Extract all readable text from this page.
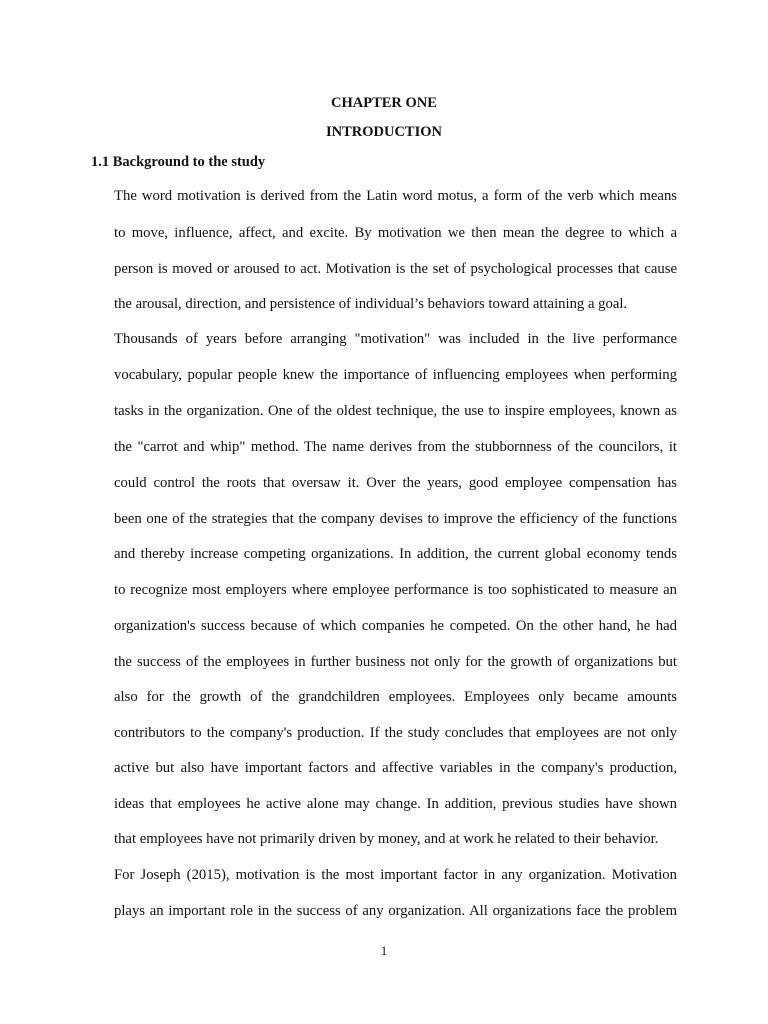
CHAPTER ONE
INTRODUCTION
1.1 Background to the study
The word motivation is derived from the Latin word motus, a form of the verb which means
to move, influence, affect, and excite. By motivation we then mean the degree to which a
person is moved or aroused to act. Motivation is the set of psychological processes that cause
the arousal, direction, and persistence of individual’s behaviors toward attaining a goal.
Thousands of years before arranging "motivation" was included in the live performance
vocabulary, popular people knew the importance of influencing employees when performing
tasks in the organization. One of the oldest technique, the use to inspire employees, known as
the "carrot and whip" method. The name derives from the stubbornness of the councilors, it
could control the roots that oversaw it. Over the years, good employee compensation has
been one of the strategies that the company devises to improve the efficiency of the functions
and thereby increase competing organizations. In addition, the current global economy tends
to recognize most employers where employee performance is too sophisticated to measure an
organization's success because of which companies he competed. On the other hand, he had
the success of the employees in further business not only for the growth of organizations but
also for the growth of the grandchildren employees. Employees only became amounts
contributors to the company's production. If the study concludes that employees are not only
active but also have important factors and affective variables in the company's production,
ideas that employees he active alone may change. In addition, previous studies have shown
that employees have not primarily driven by money, and at work he related to their behavior.
For Joseph (2015), motivation is the most important factor in any organization. Motivation
plays an important role in the success of any organization. All organizations face the problem
1
